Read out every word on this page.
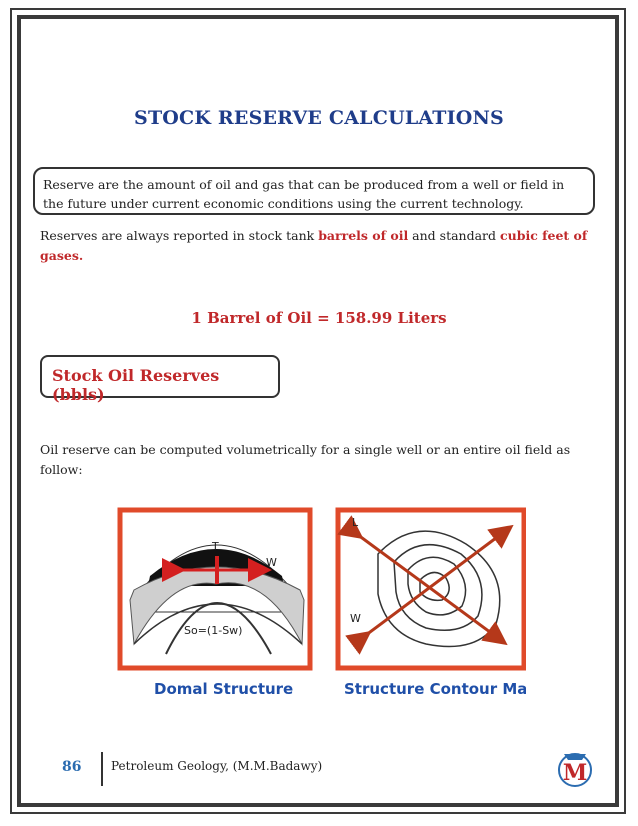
STOCK RESERVE CALCULATIONS
Reserve are the amount of oil and gas that can be produced from a well or field in the future under current economic conditions using the current technology.
Reserves are always reported in stock tank barrels of oil and standard cubic feet of gases.
1 Barrel of Oil = 158.99 Liters
Stock Oil Reserves (bbls)
Oil reserve can be computed volumetrically for a single well or an entire oil field as follow:
T
W
So=(1-Sw)
L
W
Domal Structure	Structure Contour Map
86 Petroleum Geology, (M.M.Badawy)	M
